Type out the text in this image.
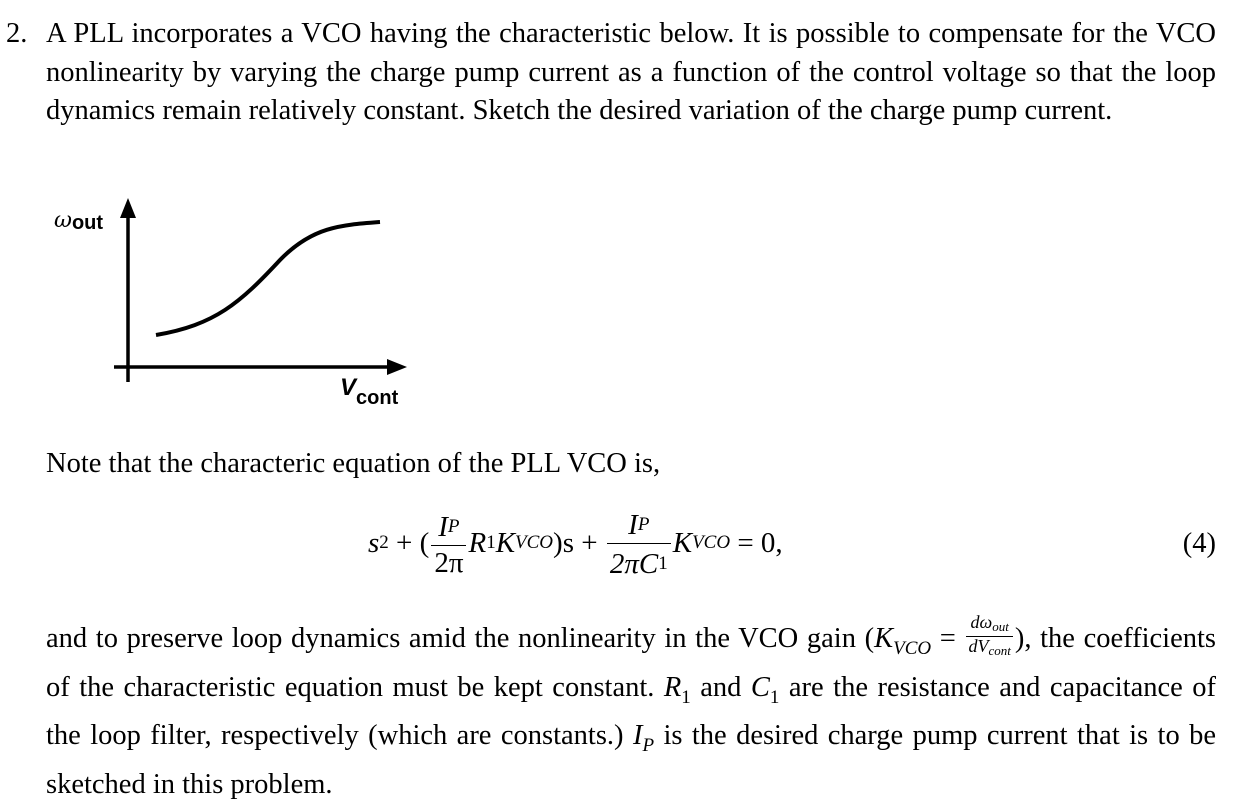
2. A PLL incorporates a VCO having the characteristic below. It is possible to compensate for the VCO nonlinearity by varying the charge pump current as a function of the control voltage so that the loop dynamics remain relatively constant. Sketch the desired variation of the charge pump current.

ωout
$V_{cont}$

Note that the characteric equation of the PLL VCO is,

s2 + ( $\frac{IP}{2\pi}$ R1KVCO)s + $\frac{IP}{2\pi C1}$ KVCO = 0,	(4)

and to preserve loop dynamics amid the nonlinearity in the VCO gain ($K_{VCO} = \frac{\text{dωout}}{\text{dVcont}}$ ), the coefficients of the characteristic equation must be kept constant. $R_1$ and $C_1$ are the resistance and capacitance of the loop filter, respectively (which are constants.) $I_P$ is the desired charge pump current that is to be sketched in this problem.
